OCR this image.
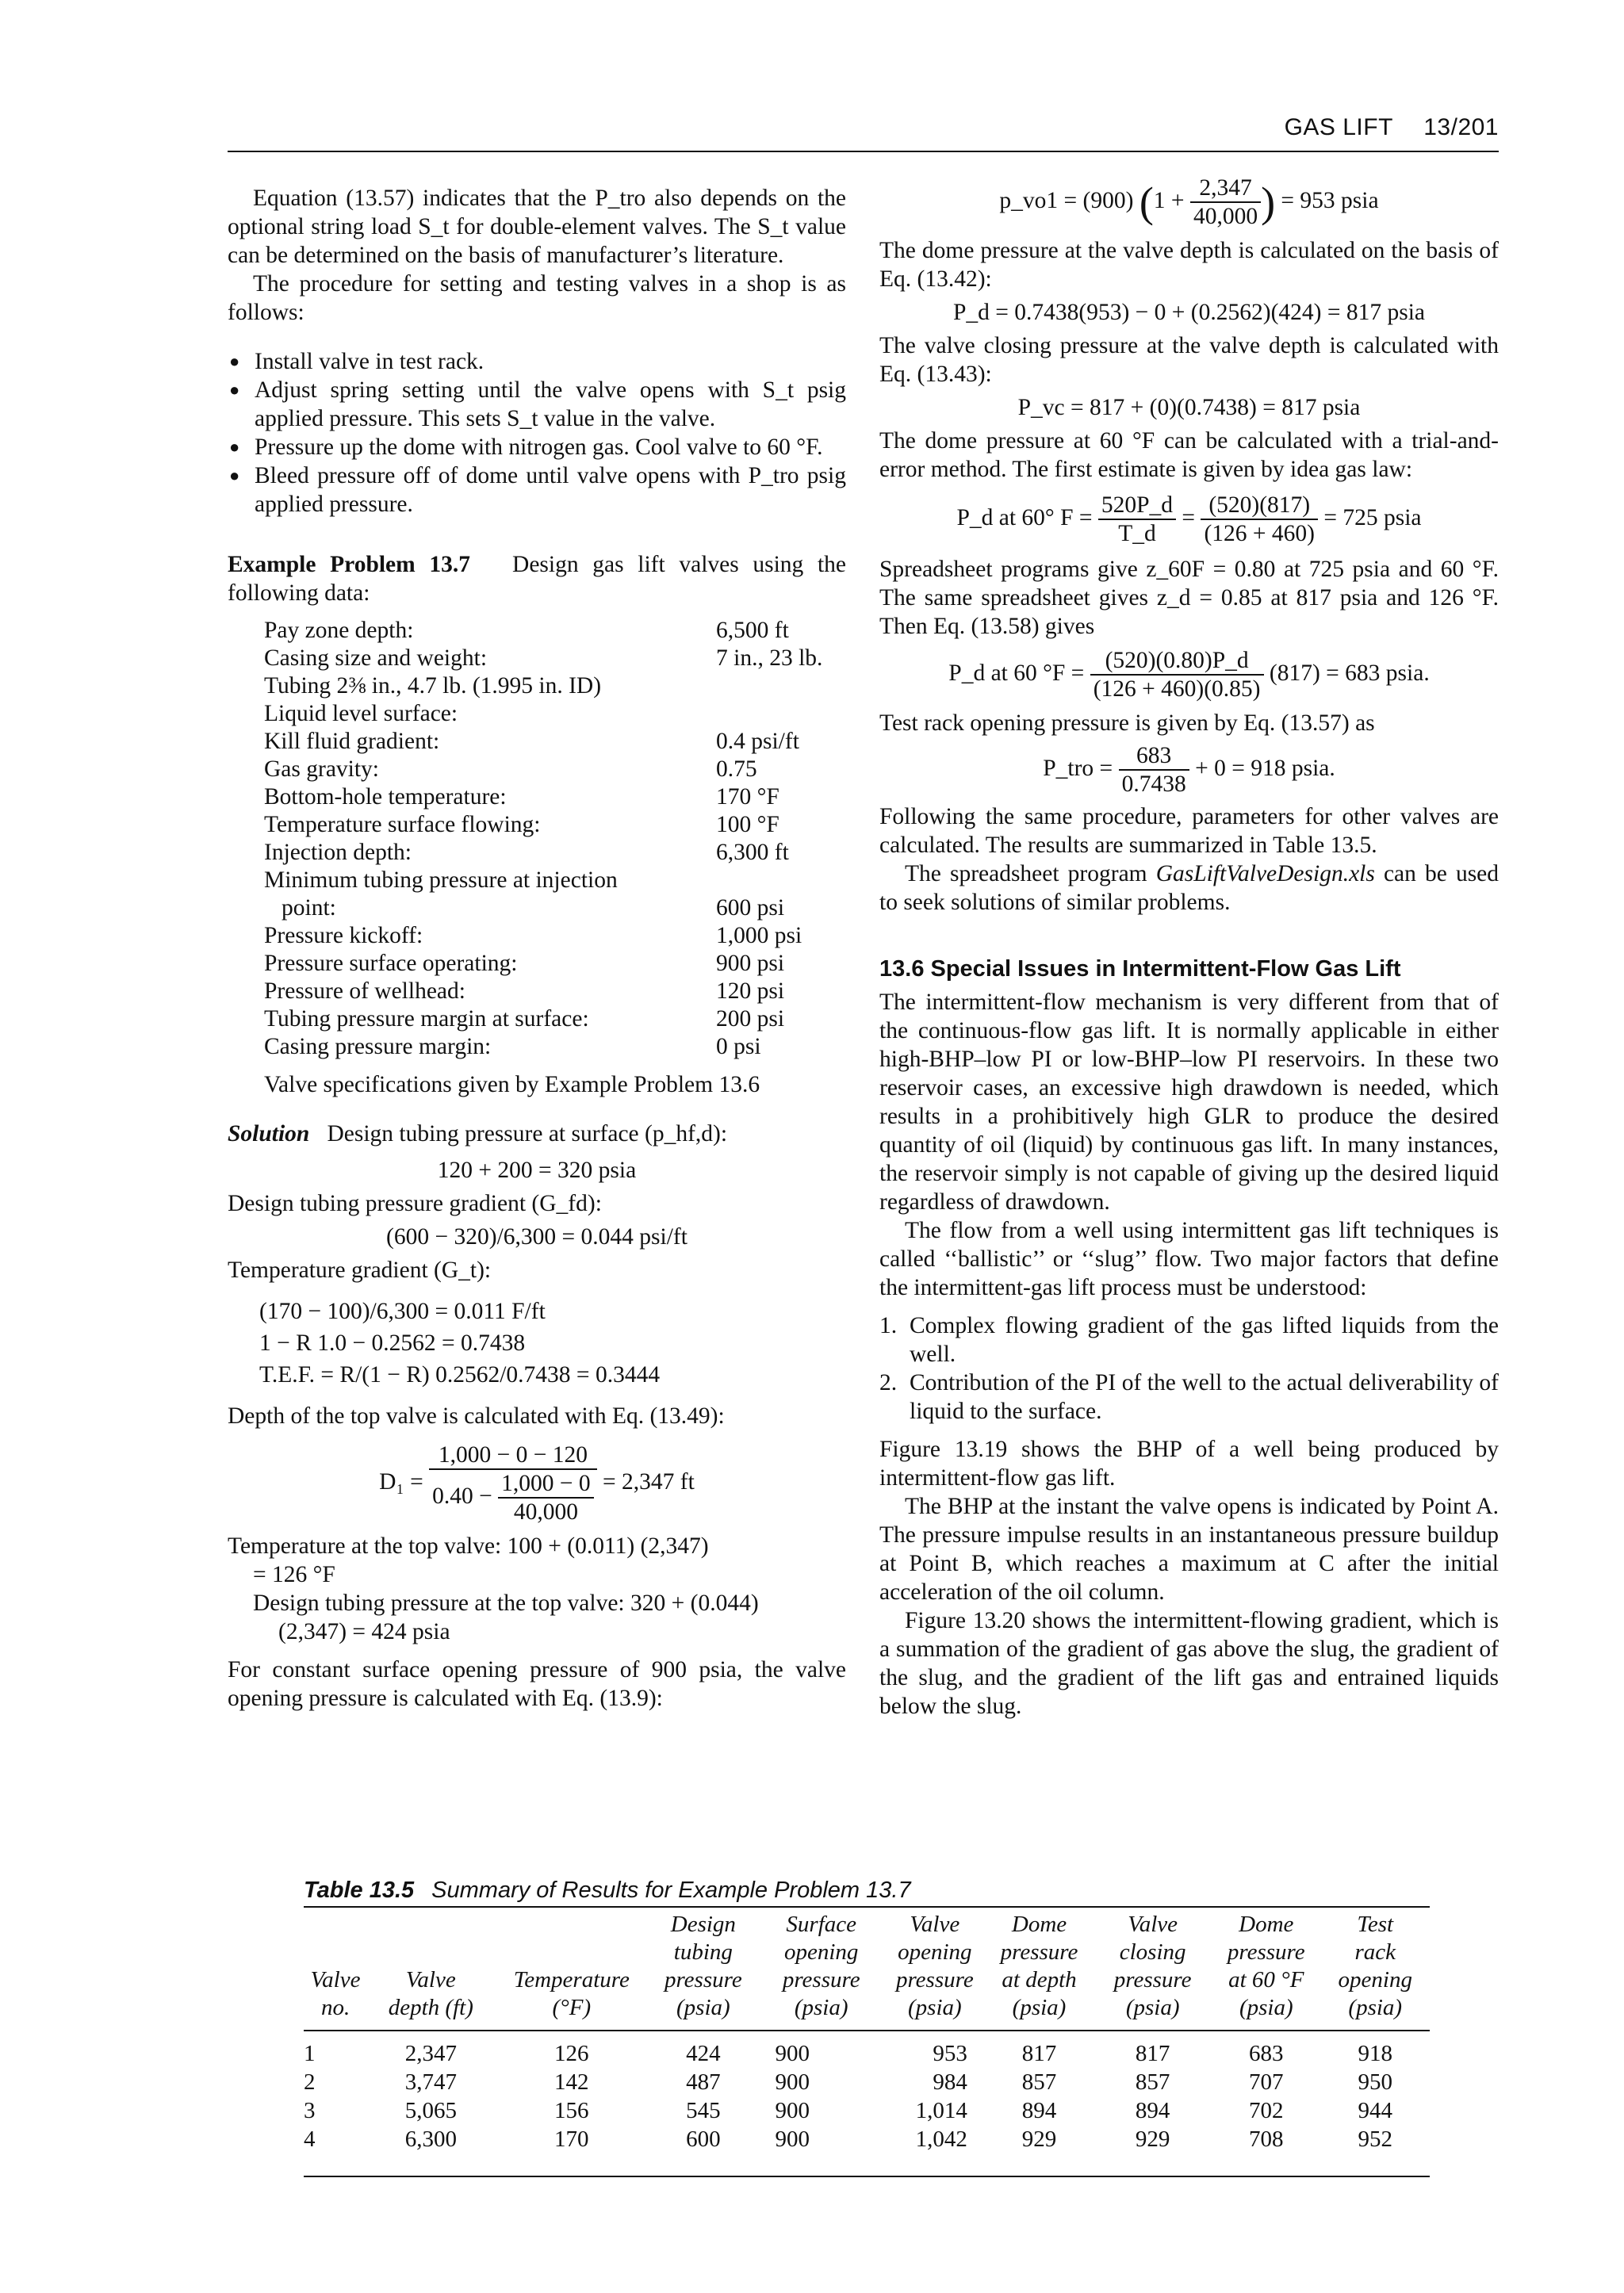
GAS LIFT 13/201

Equation (13.57) indicates that the P_tro also depends on the optional string load S_t for double-element valves. The S_t value can be determined on the basis of manufacturer’s literature.

The procedure for setting and testing valves in a shop is as follows:

● Install valve in test rack.
● Adjust spring setting until the valve opens with S_t psig applied pressure. This sets S_t value in the valve.
● Pressure up the dome with nitrogen gas. Cool valve to 60 °F.
● Bleed pressure off of dome until valve opens with P_tro psig applied pressure.

Example Problem 13.7 Design gas lift valves using the following data:

Pay zone depth:	6,500 ft
Casing size and weight:	7 in., 23 lb.
Tubing 2⅜ in., 4.7 lb. (1.995 in. ID)	
Liquid level surface:	
Kill fluid gradient:	0.4 psi/ft
Gas gravity:	0.75
Bottom-hole temperature:	170 °F
Temperature surface flowing:	100 °F
Injection depth:	6,300 ft
Minimum tubing pressure at injection	
point:	600 psi
Pressure kickoff:	1,000 psi
Pressure surface operating:	900 psi
Pressure of wellhead:	120 psi
Tubing pressure margin at surface:	200 psi
Casing pressure margin:	0 psi

Valve specifications given by Example Problem 13.6

Solution Design tubing pressure at surface (p_hf,d):

120 + 200 = 320 psia

Design tubing pressure gradient (G_fd):

(600 − 320)/6,300 = 0.044 psi/ft

Temperature gradient (G_t):

(170 − 100)/6,300 = 0.011 F/ft

1 − R 1.0 − 0.2562 = 0.7438

T.E.F. = R/(1 − R) 0.2562/0.7438 = 0.3444

Depth of the top valve is calculated with Eq. (13.49):

$D_1 = \frac{1,000 - 0 - 120}{0.40 - \frac{1,000 - 0}{40,000}} = 2,347$ ft

Temperature at the top valve: 100 + (0.011) (2,347)

= 126 °F

Design tubing pressure at the top valve: 320 + (0.044)

(2,347) = 424 psia

For constant surface opening pressure of 900 psia, the valve opening pressure is calculated with Eq. (13.9):

p_vo1 = (900) ($1 + \frac{2,347}{40,000}$ ) = 953 psia

The dome pressure at the valve depth is calculated on the basis of Eq. (13.42):

P_d = 0.7438(953) − 0 + (0.2562)(424) = 817 psia

The valve closing pressure at the valve depth is calculated with Eq. (13.43):

P_vc = 817 + (0)(0.7438) = 817 psia

The dome pressure at 60 °F can be calculated with a trial-and-error method. The first estimate is given by idea gas law:

P_d at 60° $F = \frac{520P\_d}{T\_d} = \frac{(520)(817)}{(126 + 460)} = 725$ psia

Spreadsheet programs give z_60F = 0.80 at 725 psia and 60 °F. The same spreadsheet gives z_d = 0.85 at 817 psia and 126 °F. Then Eq. (13.58) gives

P_d at 60 $^\circ F = \frac{(520)(0.80)P\_d}{(126 + 460)(0.85)} (817) = 683$ psia.

Test rack opening pressure is given by Eq. (13.57) as

P_tro = $\frac{683}{0.7438} + 0 = 918$ psia.

Following the same procedure, parameters for other valves are calculated. The results are summarized in Table 13.5.

The spreadsheet program GasLiftValveDesign.xls can be used to seek solutions of similar problems.

13.6 Special Issues in Intermittent-Flow Gas Lift

The intermittent-flow mechanism is very different from that of the continuous-flow gas lift. It is normally applicable in either high-BHP–low PI or low-BHP–low PI reservoirs. In these two reservoir cases, an excessive high drawdown is needed, which results in a prohibitively high GLR to produce the desired quantity of oil (liquid) by continuous gas lift. In many instances, the reservoir simply is not capable of giving up the desired liquid regardless of drawdown.

The flow from a well using intermittent gas lift techniques is called ‘‘ballistic’’ or ‘‘slug’’ flow. Two major factors that define the intermittent-gas lift process must be understood:

1. Complex flowing gradient of the gas lifted liquids from the well.
2. Contribution of the PI of the well to the actual deliverability of liquid to the surface.

Figure 13.19 shows the BHP of a well being produced by intermittent-flow gas lift.

The BHP at the instant the valve opens is indicated by Point A. The pressure impulse results in an instantaneous pressure buildup at Point B, which reaches a maximum at C after the initial acceleration of the oil column.

Figure 13.20 shows the intermittent-flowing gradient, which is a summation of the gradient of gas above the slug, the gradient of the slug, and the gradient of the lift gas and entrained liquids below the slug.

Table 13.5 Summary of Results for Example Problem 13.7
			Design	Surface	Valve	Dome	Valve	Dome	Test
			tubing	opening	opening	pressure	closing	pressure	rack
Valve	Valve	Temperature	pressure	pressure	pressure	at depth	pressure	at 60 °F	opening
no.	depth (ft)	(°F)	(psia)	(psia)	(psia)	(psia)	(psia)	(psia)	(psia)

1	2,347	126	424	900	953	817	817	683	918
2	3,747	142	487	900	984	857	857	707	950
3	5,065	156	545	900	1,014	894	894	702	944
4	6,300	170	600	900	1,042	929	929	708	952
